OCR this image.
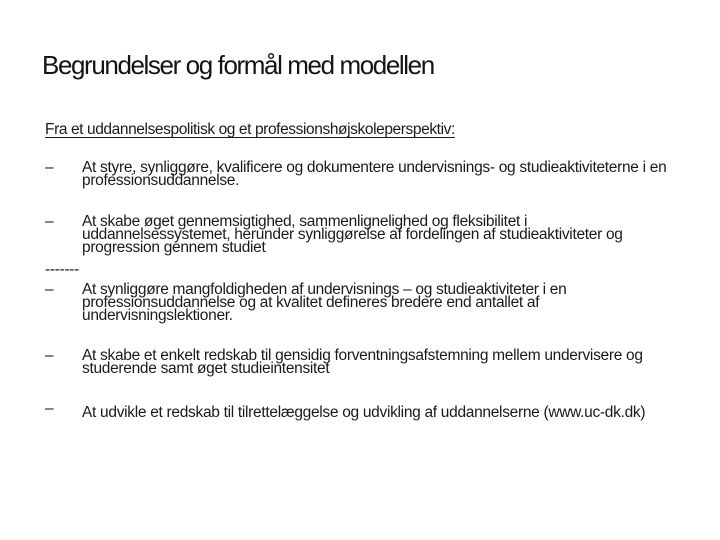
Begrundelser og formål med modellen
Fra et uddannelsespolitisk og et professionshøjskoleperspektiv:
– At styre, synliggøre, kvalificere og dokumentere undervisnings- og studieaktiviteterne i en professionsuddannelse.
– At skabe øget gennemsigtighed, sammenlignelighed og fleksibilitet i uddannelsessystemet, herunder synliggørelse af fordelingen af studieaktiviteter og progression gennem studiet
-------
– At synliggøre mangfoldigheden af undervisnings – og studieaktiviteter i en professionsuddannelse og at kvalitet defineres bredere end antallet af undervisningslektioner.
– At skabe et enkelt redskab til gensidig forventningsafstemning mellem undervisere og studerende samt øget studieintensitet
– At udvikle et redskab til tilrettelæggelse og udvikling af uddannelserne (www.uc-dk.dk)
